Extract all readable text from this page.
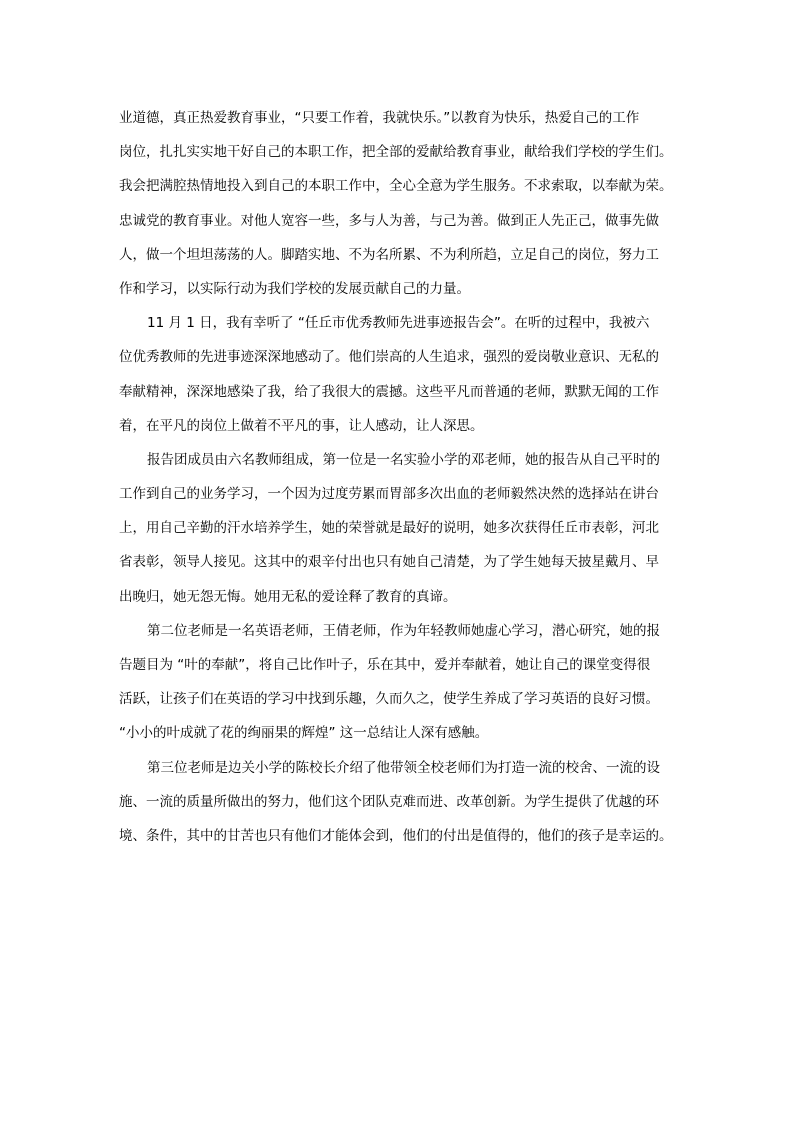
业道德，真正热爱教育事业，“只要工作着，我就快乐。”以教育为快乐，热爱自己的工作
岗位，扎扎实实地干好自己的本职工作，把全部的爱献给教育事业，献给我们学校的学生们。
我会把满腔热情地投入到自己的本职工作中，全心全意为学生服务。不求索取，以奉献为荣。
忠诚党的教育事业。对他人宽容一些，多与人为善，与己为善。做到正人先正己，做事先做
人，做一个坦坦荡荡的人。脚踏实地、不为名所累、不为利所趋，立足自己的岗位，努力工
作和学习，以实际行动为我们学校的发展贡献自己的力量。
11 月 1 日，我有幸听了 “任丘市优秀教师先进事迹报告会”。在听的过程中，我被六
位优秀教师的先进事迹深深地感动了。他们崇高的人生追求，强烈的爱岗敬业意识、无私的
奉献精神，深深地感染了我，给了我很大的震撼。这些平凡而普通的老师，默默无闻的工作
着，在平凡的岗位上做着不平凡的事，让人感动，让人深思。
报告团成员由六名教师组成，第一位是一名实验小学的邓老师，她的报告从自己平时的
工作到自己的业务学习，一个因为过度劳累而胃部多次出血的老师毅然决然的选择站在讲台
上，用自己辛勤的汗水培养学生，她的荣誉就是最好的说明，她多次获得任丘市表彰，河北
省表彰，领导人接见。这其中的艰辛付出也只有她自己清楚，为了学生她每天披星戴月、早
出晚归，她无怨无悔。她用无私的爱诠释了教育的真谛。
第二位老师是一名英语老师，王倩老师，作为年轻教师她虚心学习，潜心研究，她的报
告题目为 “叶的奉献”，将自己比作叶子，乐在其中，爱并奉献着，她让自己的课堂变得很
活跃，让孩子们在英语的学习中找到乐趣，久而久之，使学生养成了学习英语的良好习惯。
“小小的叶成就了花的绚丽果的辉煌” 这一总结让人深有感触。
第三位老师是边关小学的陈校长介绍了他带领全校老师们为打造一流的校舍、一流的设
施、一流的质量所做出的努力，他们这个团队克难而进、改革创新。为学生提供了优越的环
境、条件，其中的甘苦也只有他们才能体会到，他们的付出是值得的，他们的孩子是幸运的。
